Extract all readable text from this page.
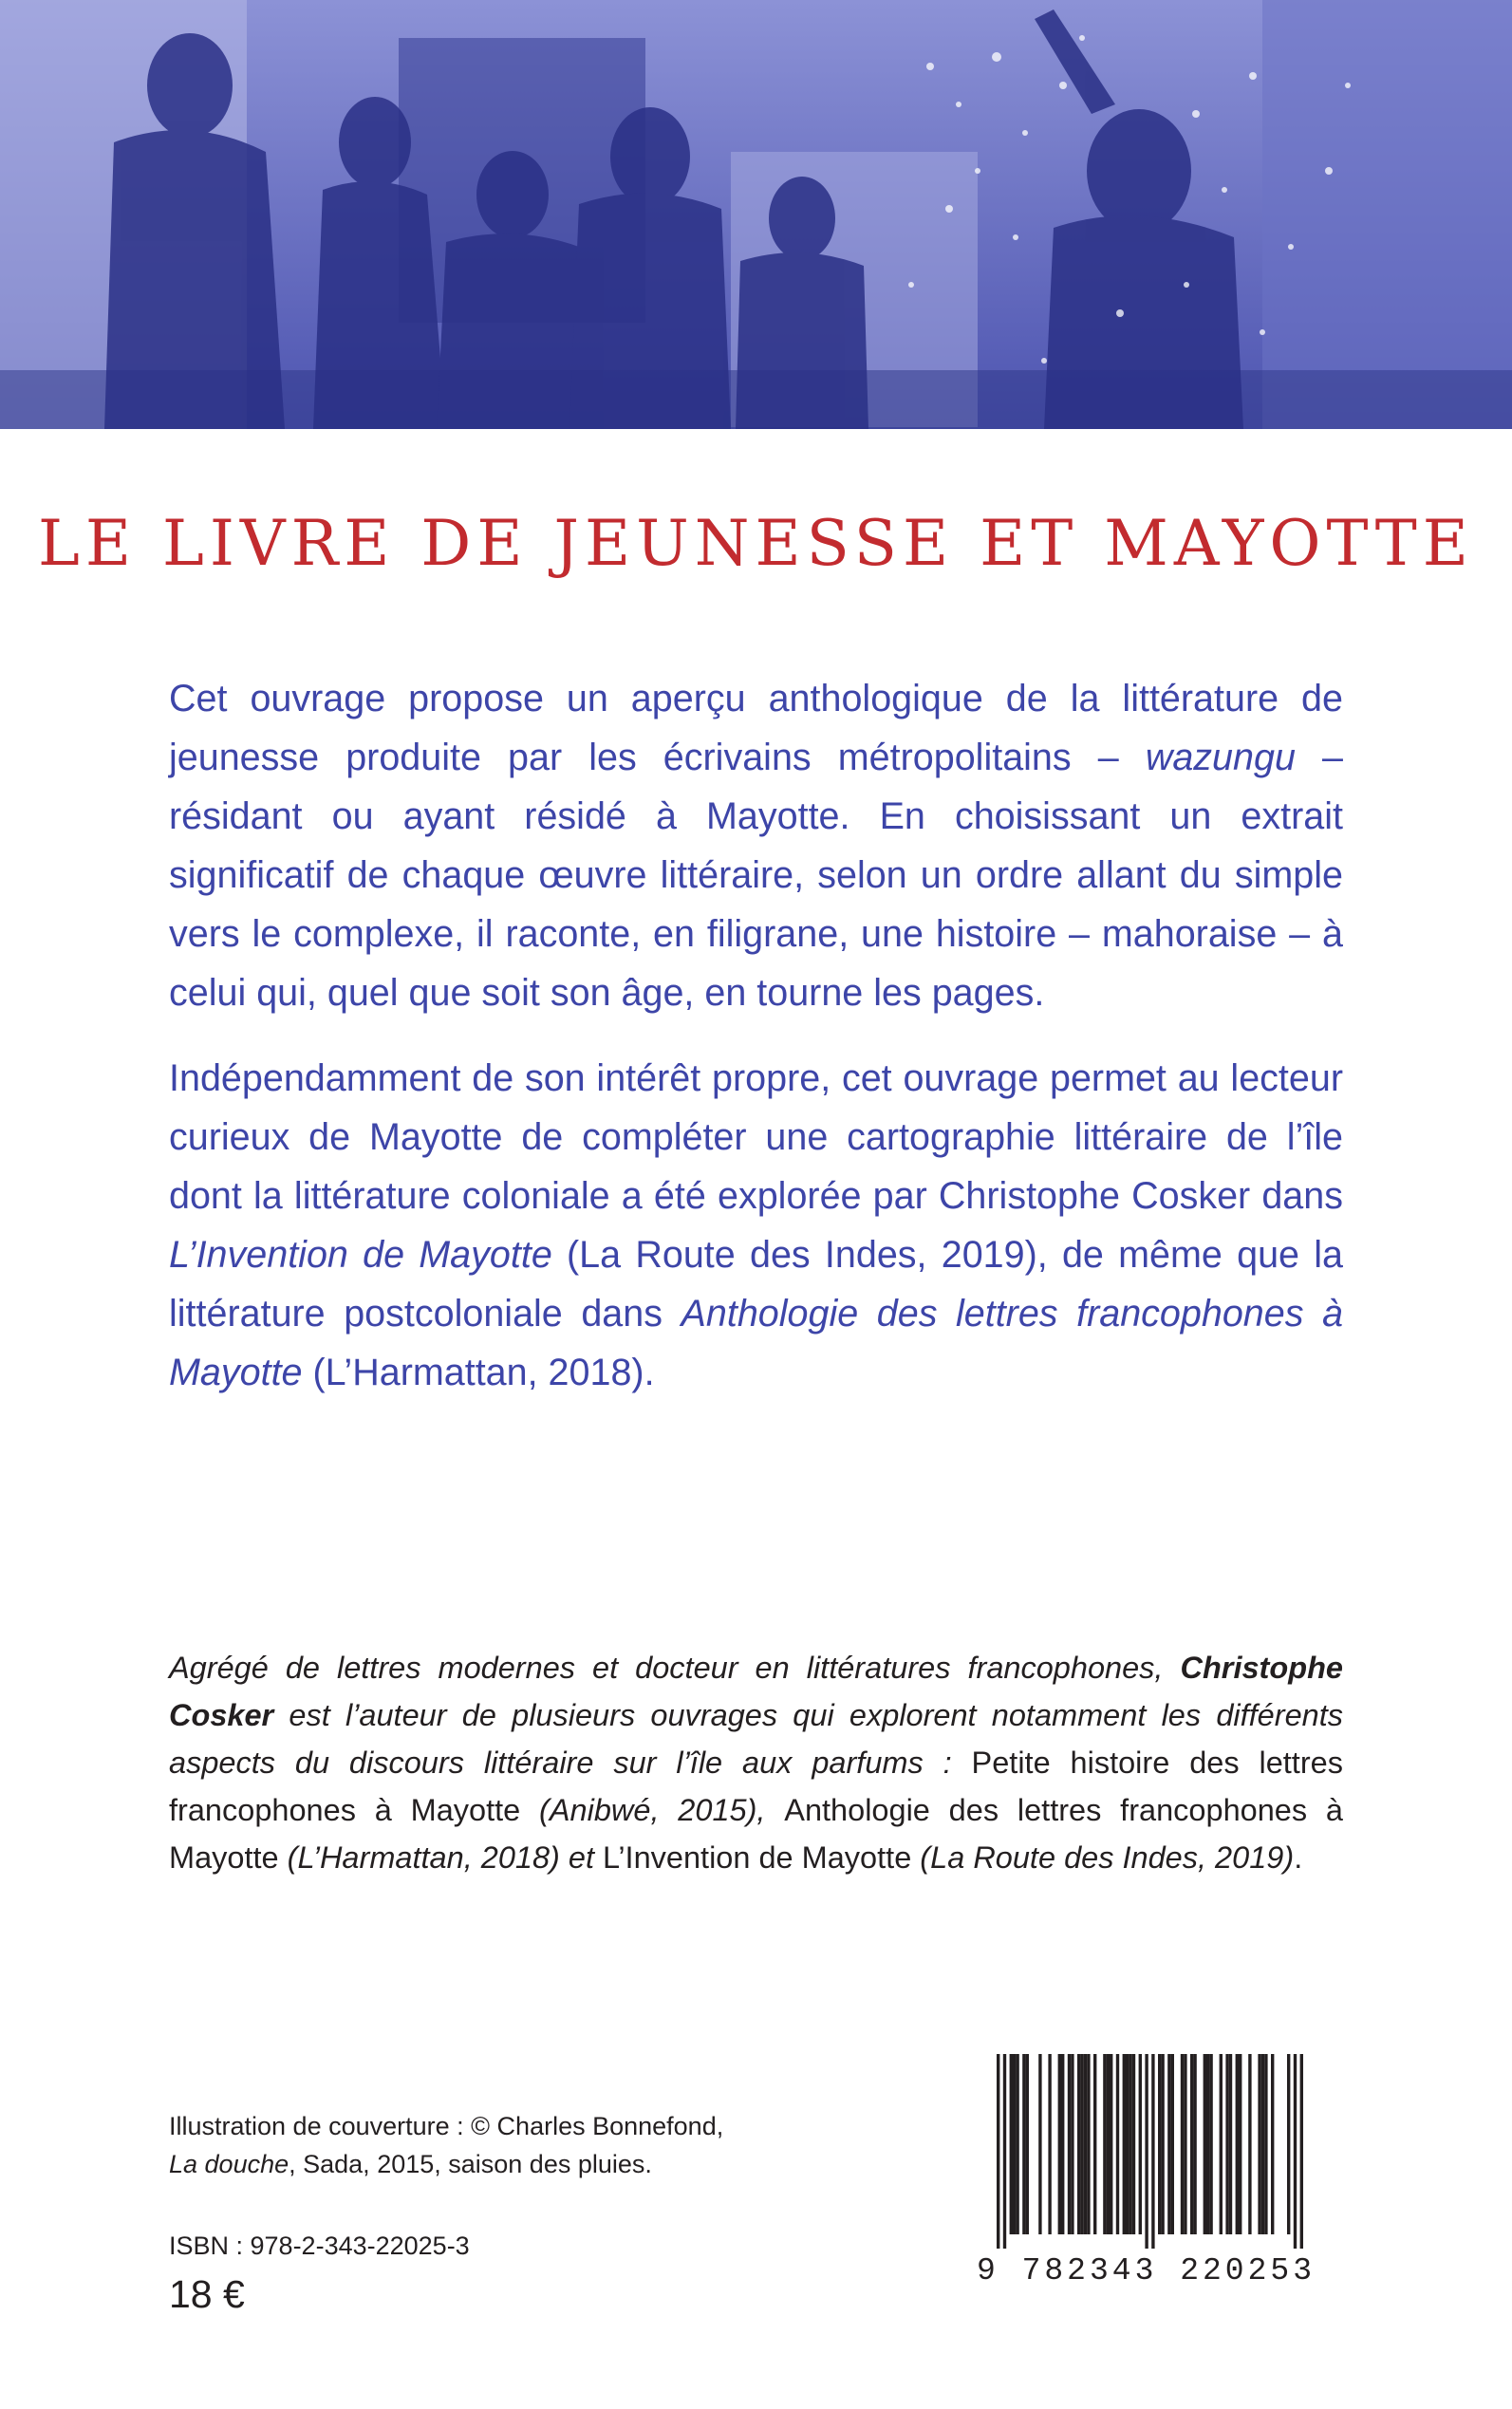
LE LIVRE DE JEUNESSE ET MAYOTTE

Cet ouvrage propose un aperçu anthologique de la littérature de jeunesse produite par les écrivains métropolitains – wazungu – résidant ou ayant résidé à Mayotte. En choisissant un extrait significatif de chaque œuvre littéraire, selon un ordre allant du simple vers le complexe, il raconte, en filigrane, une histoire – mahoraise – à celui qui, quel que soit son âge, en tourne les pages.

Indépendamment de son intérêt propre, cet ouvrage permet au lecteur curieux de Mayotte de compléter une cartographie littéraire de l’île dont la littérature coloniale a été explorée par Christophe Cosker dans L’Invention de Mayotte (La Route des Indes, 2019), de même que la littérature postcoloniale dans Anthologie des lettres francophones à Mayotte (L’Harmattan, 2018).

Agrégé de lettres modernes et docteur en littératures francophones, Christophe Cosker est l’auteur de plusieurs ouvrages qui explorent notamment les différents aspects du discours littéraire sur l’île aux parfums : Petite histoire des lettres francophones à Mayotte (Anibwé, 2015), Anthologie des lettres francophones à Mayotte (L’Harmattan, 2018) et L’Invention de Mayotte (La Route des Indes, 2019).

Illustration de couverture : © Charles Bonnefond,
La douche, Sada, 2015, saison des pluies.
ISBN : 978-2-343-22025-3
18 €
9 782343 220253
